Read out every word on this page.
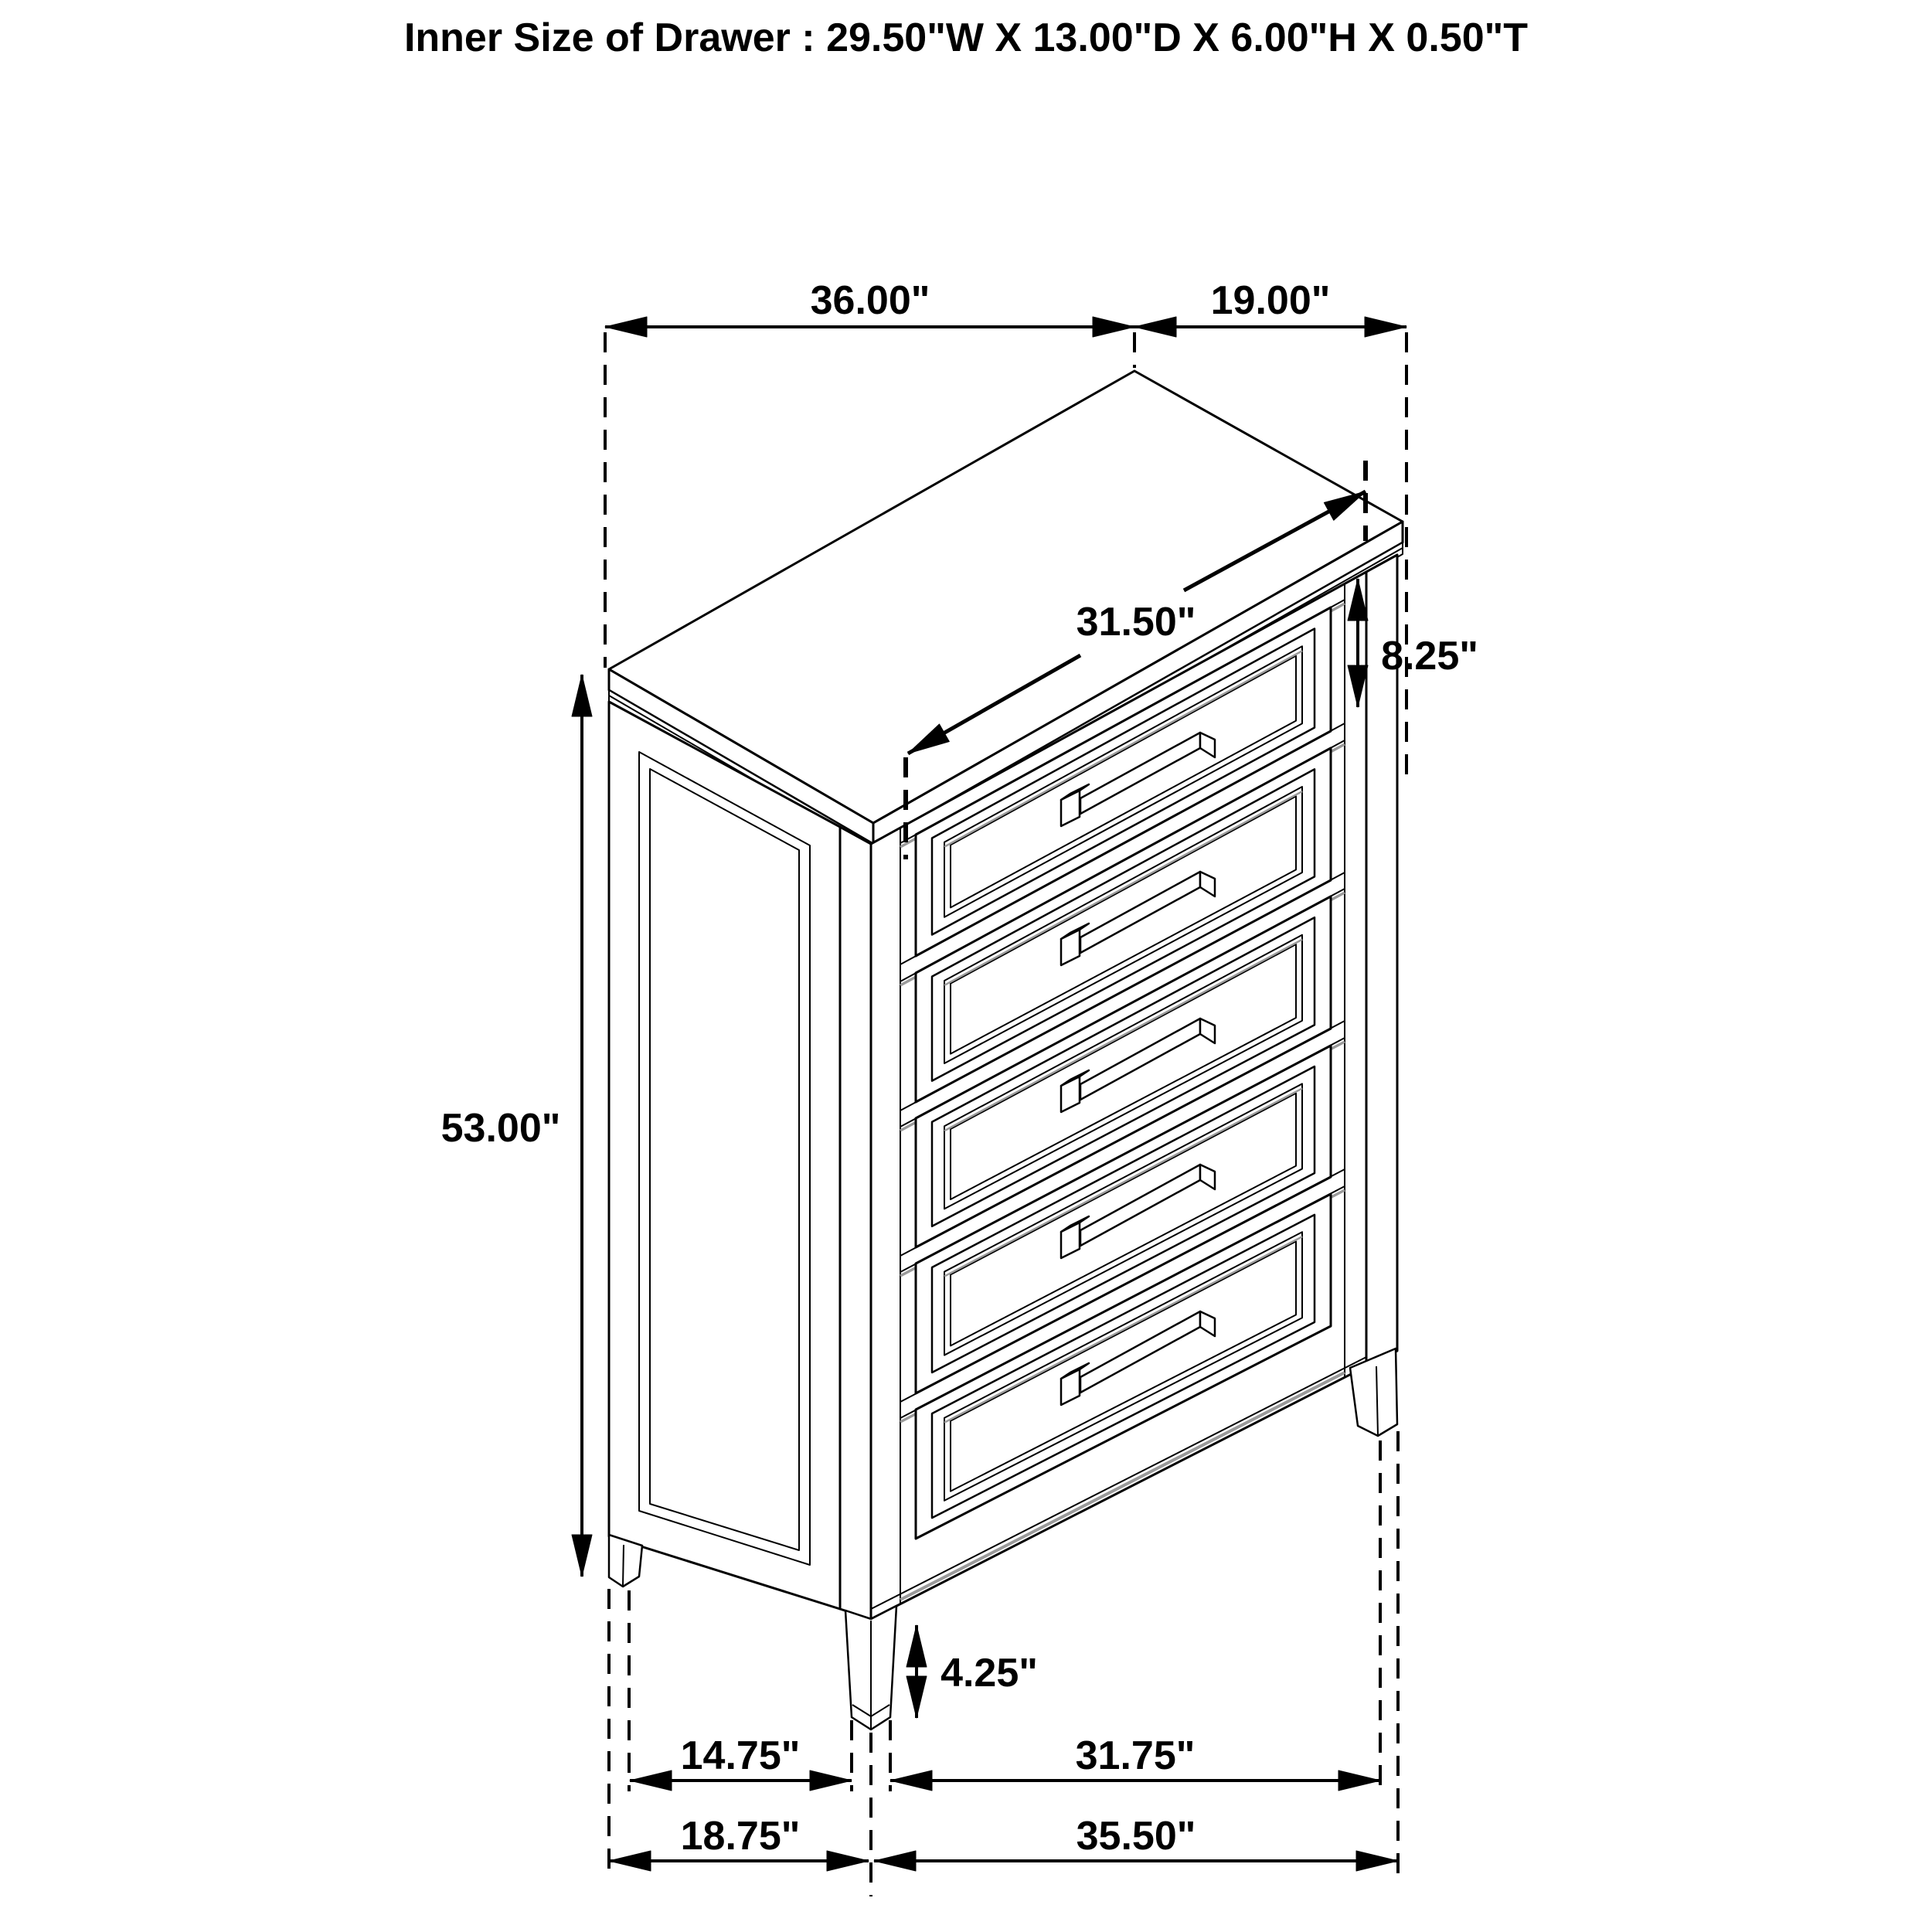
Inner Size of Drawer : 29.50"W X 13.00"D X 6.00"H X 0.50"T
36.00"	19.00"
31.50"
8.25"
53.00"
4.25"
14.75"	31.75"
18.75"	35.50"
